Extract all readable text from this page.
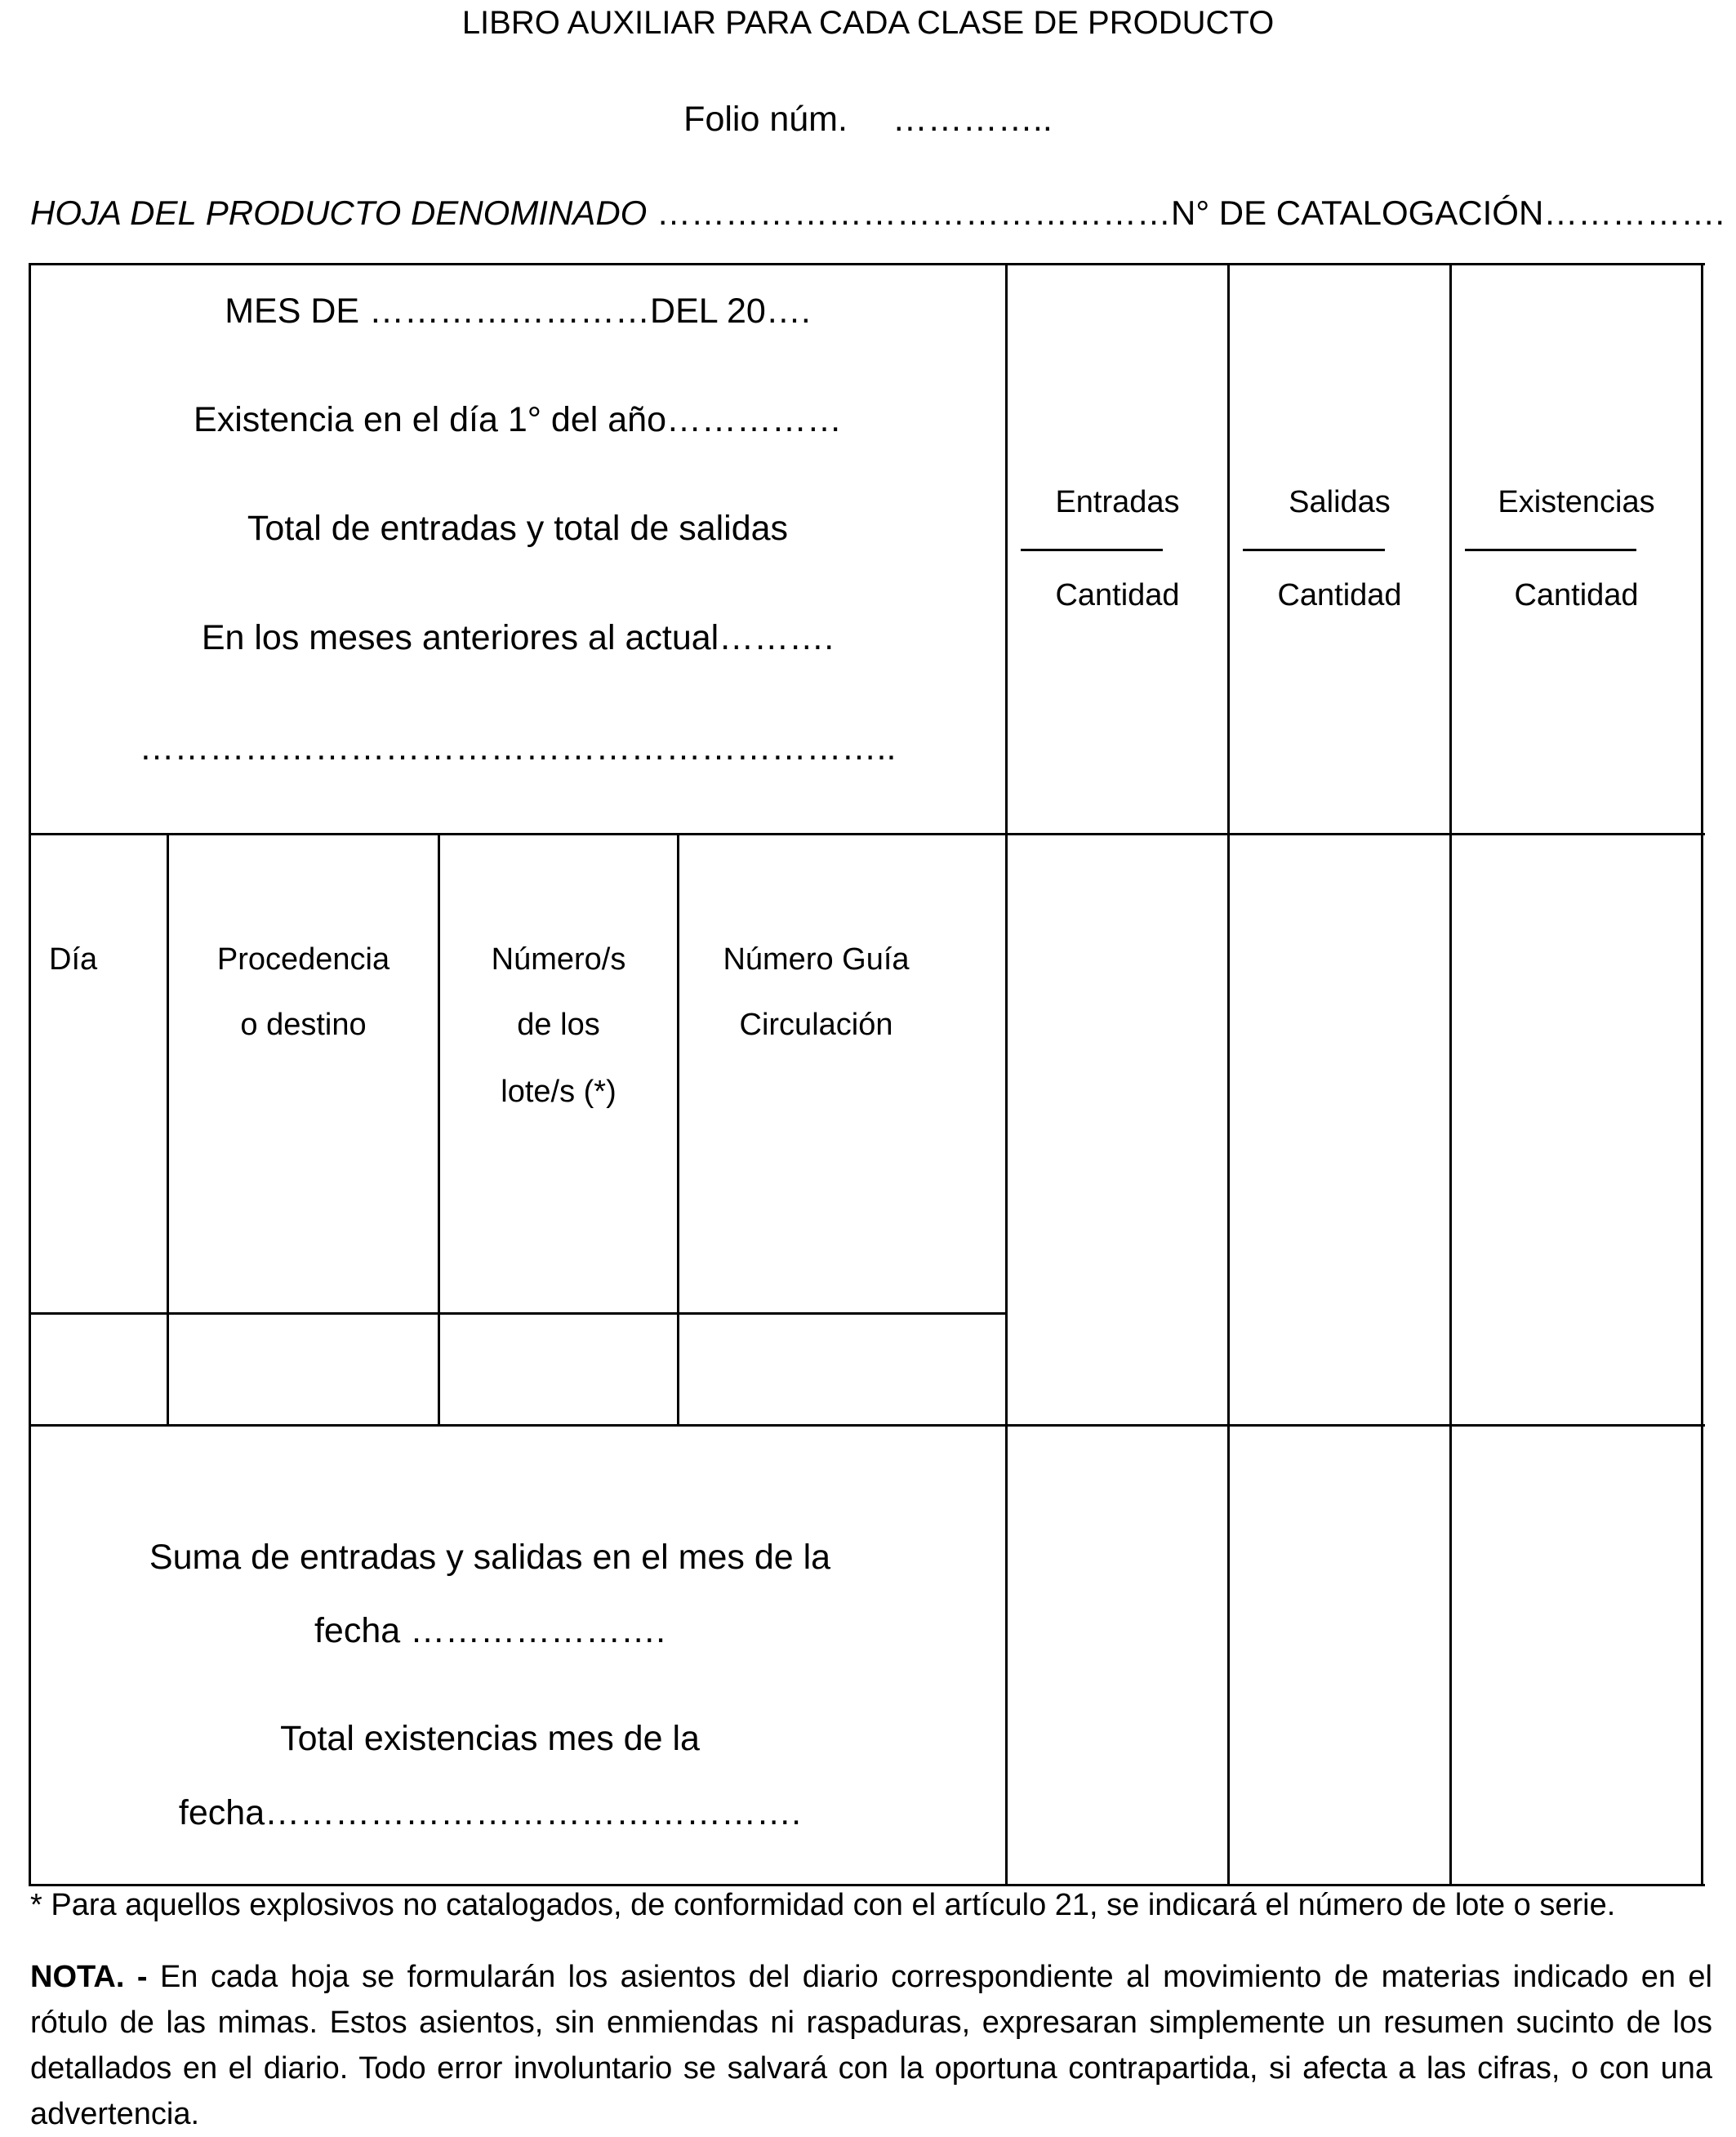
LIBRO AUXILIAR PARA CADA CLASE DE PRODUCTO
Folio núm. …………..
HOJA DEL PRODUCTO DENOMINADO ………………………………………N° DE CATALOGACIÓN…………….
MES DE ……………………DEL 20….
Existencia en el día 1° del año……………
Total de entradas y total de salidas
En los meses anteriores al actual……….
………………………………………………………..
Entradas
Cantidad
Salidas
Cantidad
Existencias
Cantidad
Día	Procedencia
o destino
Número/s
de los
lote/s (*)
Número Guía
Circulación
Suma de entradas y salidas en el mes de la
fecha ………………….
Total existencias mes de la
fecha……………………………………….
* Para aquellos explosivos no catalogados, de conformidad con el artículo 21, se indicará el número de lote o serie.
NOTA. - En cada hoja se formularán los asientos del diario correspondiente al movimiento de materias indicado en el rótulo de las mimas. Estos asientos, sin enmiendas ni raspaduras, expresaran simplemente un resumen sucinto de los detallados en el diario. Todo error involuntario se salvará con la oportuna contrapartida, si afecta a las cifras, o con una advertencia.
